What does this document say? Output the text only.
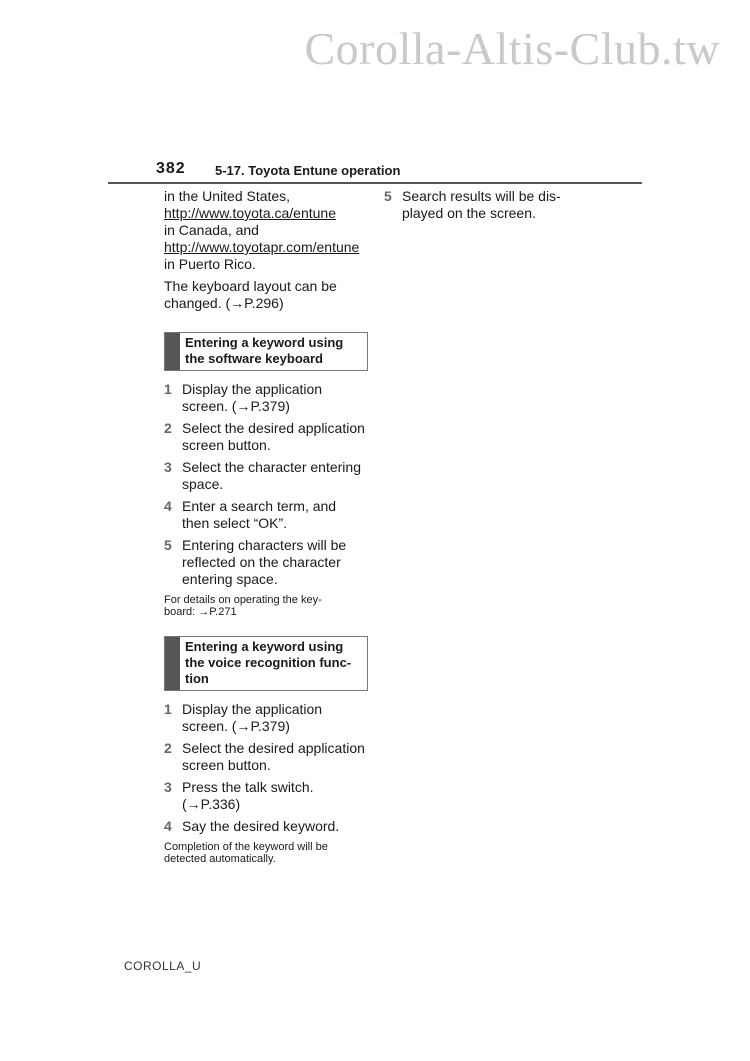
Corolla-Altis-Club.tw
382 5-17. Toyota Entune operation
in the United States,
http://www.toyota.ca/entune
in Canada, and
http://www.toyotapr.com/entune
in Puerto Rico.
The keyboard layout can be
changed. (→P.296)
Entering a keyword using
the software keyboard
1 Display the application
screen. (→P.379)
2 Select the desired application
screen button.
3 Select the character entering
space.
4 Enter a search term, and
then select “OK”.
5 Entering characters will be
reflected on the character
entering space.
For details on operating the key-
board: →P.271
Entering a keyword using
the voice recognition func-
tion
1 Display the application
screen. (→P.379)
2 Select the desired application
screen button.
3 Press the talk switch.
(→P.336)
4 Say the desired keyword.
Completion of the keyword will be
detected automatically.
5 Search results will be dis-
played on the screen.
COROLLA_U
